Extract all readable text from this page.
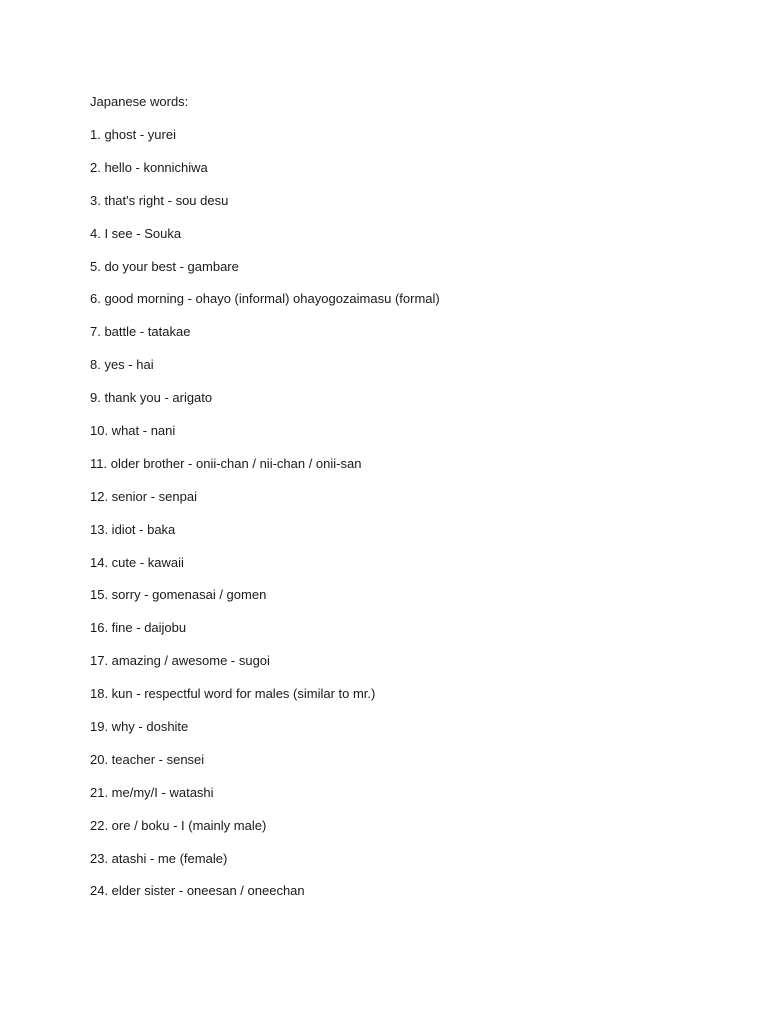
Japanese words:
1. ghost - yurei
2. hello - konnichiwa
3. that's right - sou desu
4. I see - Souka
5. do your best - gambare
6. good morning - ohayo (informal) ohayogozaimasu (formal)
7. battle - tatakae
8. yes - hai
9. thank you - arigato
10. what - nani
11. older brother - onii-chan / nii-chan / onii-san
12. senior - senpai
13. idiot - baka
14. cute - kawaii
15. sorry - gomenasai / gomen
16. fine - daijobu
17. amazing / awesome - sugoi
18. kun - respectful word for males (similar to mr.)
19. why - doshite
20. teacher - sensei
21. me/my/I - watashi
22. ore / boku - I (mainly male)
23. atashi - me (female)
24. elder sister - oneesan / oneechan
